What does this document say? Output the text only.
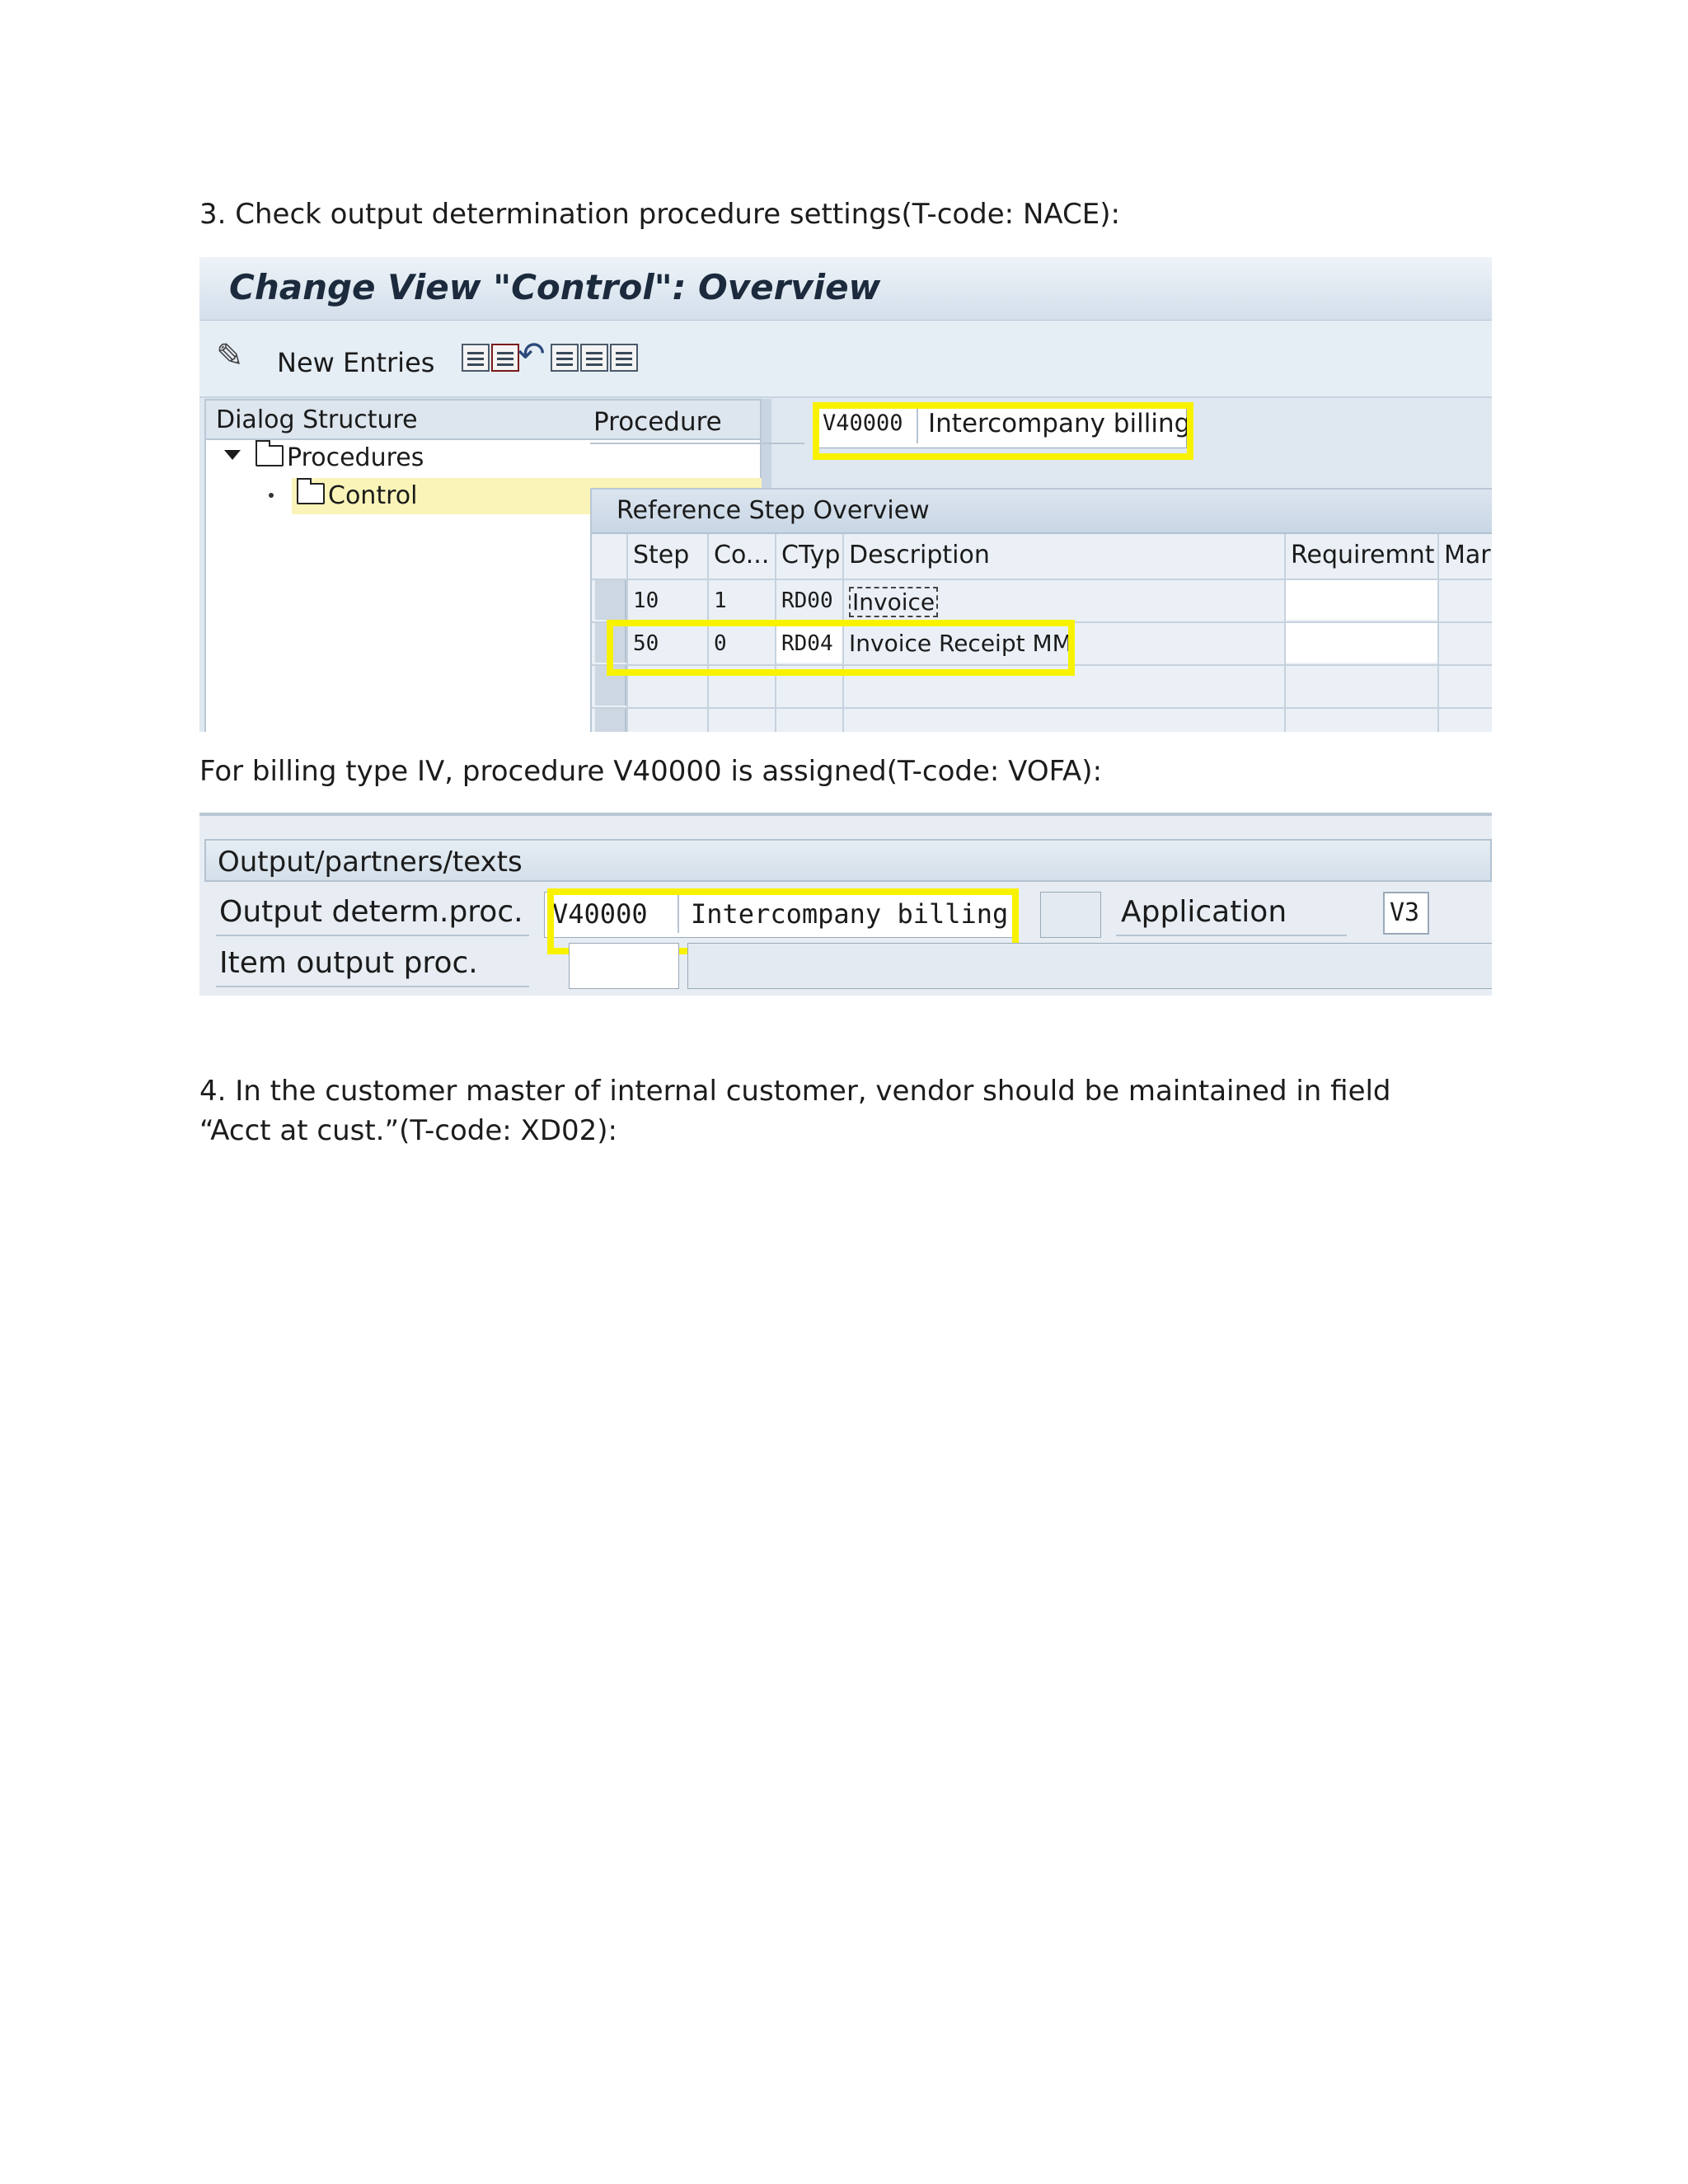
3. Check output determination procedure settings(T-code: NACE):
Change View "Control": Overview
✎ New Entries	↶
Dialog Structure
Procedures
Control
Procedure	V40000 Intercompany billing
Reference Step Overview
Step Co... CTyp Description	Requiremnt Mar
10	1	RD00 Invoice
50	0	RD04 Invoice Receipt MM
For billing type IV, procedure V40000 is assigned(T-code: VOFA):
Output/partners/texts
Output determ.proc. V40000 Intercompany billing	Application	V3
Item output proc.
4. In the customer master of internal customer, vendor should be maintained in field “Acct at cust.”(T-code: XD02):
